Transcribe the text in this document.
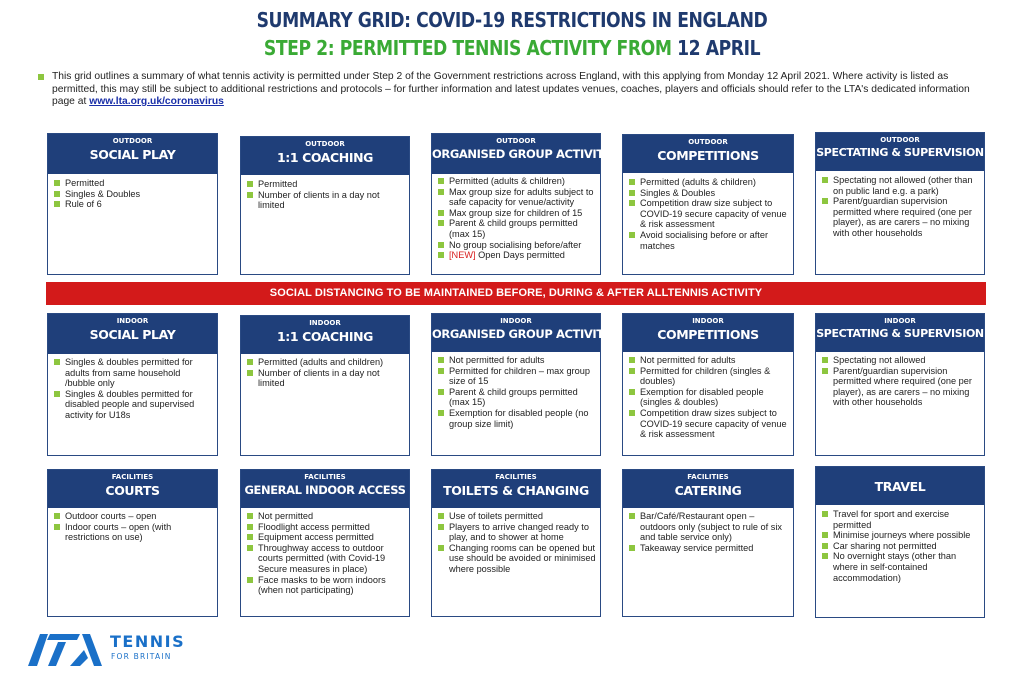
SUMMARY GRID: COVID-19 RESTRICTIONS IN ENGLAND
STEP 2: PERMITTED TENNIS ACTIVITY FROM 12 APRIL
This grid outlines a summary of what tennis activity is permitted under Step 2 of the Government restrictions across England, with this applying from Monday 12 April 2021. Where activity is listed as permitted, this may still be subject to additional restrictions and protocols – for further information and latest updates venues, coaches, players and officials should refer to the LTA's dedicated information page at www.lta.org.uk/coronavirus
OUTDOOR
SOCIAL PLAY
Permitted
Singles & Doubles
Rule of 6
OUTDOOR
1:1 COACHING
Permitted
Number of clients in a day not limited
OUTDOOR
ORGANISED GROUP ACTIVITY
Permitted (adults & children)
Max group size for adults subject to safe capacity for venue/activity
Max group size for children of 15
Parent & child groups permitted (max 15)
No group socialising before/after
[NEW] Open Days permitted
OUTDOOR
COMPETITIONS
Permitted (adults & children)
Singles & Doubles
Competition draw size subject to COVID-19 secure capacity of venue & risk assessment
Avoid socialising before or after matches
OUTDOOR
SPECTATING & SUPERVISION
Spectating not allowed (other than on public land e.g. a park)
Parent/guardian supervision permitted where required (one per player), as are carers – no mixing with other households
SOCIAL DISTANCING TO BE MAINTAINED BEFORE, DURING & AFTER ALLTENNIS ACTIVITY
INDOOR
SOCIAL PLAY
Singles & doubles permitted for adults from same household /bubble only
Singles & doubles permitted for disabled people and supervised activity for U18s
INDOOR
1:1 COACHING
Permitted (adults and children)
Number of clients in a day not limited
INDOOR
ORGANISED GROUP ACTIVITY
Not permitted for adults
Permitted for children – max group size of 15
Parent & child groups permitted (max 15)
Exemption for disabled people (no group size limit)
INDOOR
COMPETITIONS
Not permitted for adults
Permitted for children (singles & doubles)
Exemption for disabled people (singles & doubles)
Competition draw sizes subject to COVID-19 secure capacity of venue & risk assessment
INDOOR
SPECTATING & SUPERVISION
Spectating not allowed
Parent/guardian supervision permitted where required (one per player), as are carers – no mixing with other households
FACILITIES
COURTS
Outdoor courts – open
Indoor courts – open (with restrictions on use)
FACILITIES
GENERAL INDOOR ACCESS
Not permitted
Floodlight access permitted
Equipment access permitted
Throughway access to outdoor courts permitted (with Covid-19 Secure measures in place)
Face masks to be worn indoors (when not participating)
FACILITIES
TOILETS & CHANGING
Use of toilets permitted
Players to arrive changed ready to play, and to shower at home
Changing rooms can be opened but use should be avoided or minimised where possible
FACILITIES
CATERING
Bar/Café/Restaurant open – outdoors only (subject to rule of six and table service only)
Takeaway service permitted
TRAVEL
Travel for sport and exercise permitted
Minimise journeys where possible
Car sharing not permitted
No overnight stays (other than where in self-contained accommodation)
TENNIS
FOR BRITAIN
